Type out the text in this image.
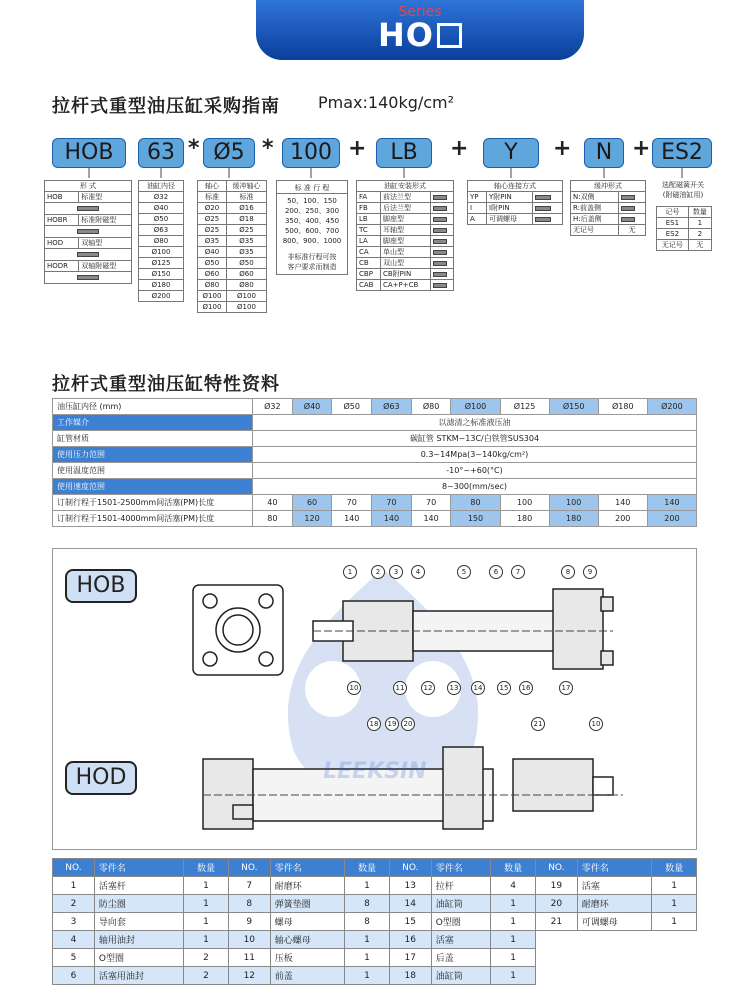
Series
HO
拉杆式重型油压缸采购指南 Pmax:140kg/cm²
HOB	63 * Ø5 * 100 +	LB	+	Y	+	N + ES2
形 式	
HOB	标准型

HOBR	标准附磁型

HOD	双轴型

HODR	双轴附磁型

油缸内径
Ø32
Ø40
Ø50
Ø63
Ø80
Ø100
Ø125
Ø150
Ø180
Ø200
轴心	缓冲轴心
标准	标准
Ø20	Ø16
Ø25	Ø18
Ø25	Ø25
Ø35	Ø35
Ø40	Ø35
Ø50	Ø50
Ø60	Ø60
Ø80	Ø80
Ø100	Ø100
Ø100	Ø100
标 准 行 程
50、100、150
200、250、300
350、400、450
500、600、700
800、900、1000
非标准行程可按
客户要求而制造
油缸安装形式		
FA	前法兰型	
FB	后法兰型	
LB	脚座型	
TC	耳轴型	
LA	脚座型	
CA	单山型	
CB	双山型	
CBP	CB附PIN	
CAB	CA+P+CB	
轴心连接方式		
YP	Y附PIN	
I	I附PIN	
A	可调螺母	
缓冲形式	
N:双侧	
R:前盖侧	
H:后盖侧	
无记号	无
选配磁簧开关
(附磁油缸用)
记号	数量
ES1	1
ES2	2
无记号	无
拉杆式重型油压缸特性资料
油压缸内径 (mm)	Ø32	Ø40	Ø50	Ø63	Ø80	Ø100	Ø125	Ø150	Ø180	Ø200
工作媒介	以滤清之标准液压油									
缸管材质	碳缸管 STKM~13C/白铁管SUS304									
使用压力范围	0.3~14Mpa(3~140kg/cm²)									
使用温度范围	-10°~+60(°C)									
使用速度范围	8~300(mm/sec)									
订制行程于1501-2500mm间活塞(PM)长度	40	60	70	70	70	80	100	100	140	140
订制行程于1501-4000mm间活塞(PM)长度	80	120	140	140	140	150	180	180	200	200
HOB
HOD
1	2	3	4	5	6	7	8	9
10	11	12	13	14	15	16	17
18	19	20	21	10
LEEKSIN
NO.	零件名	数量	NO.	零件名	数量	NO.	零件名	数量	NO.	零件名	数量
1	活塞杆	1	7	耐磨环	1	13	拉杆	4	19	活塞	1
2	防尘圈	1	8	弹簧垫圈	8	14	油缸筒	1	20	耐磨环	1
3	导向套	1	9	螺母	8	15	O型圈	1	21	可调螺母	1
4	轴用油封	1	10	轴心螺母	1	16	活塞	1			
5	O型圈	2	11	压板	1	17	后盖	1			
6	活塞用油封	2	12	前盖	1	18	油缸筒	1			
